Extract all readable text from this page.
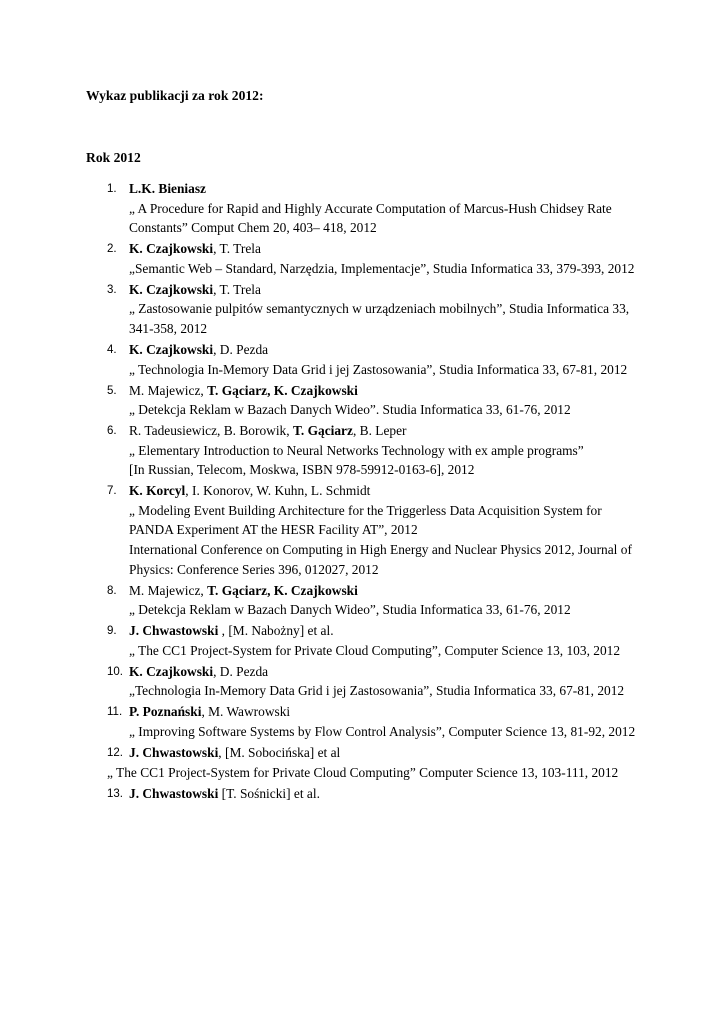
Wykaz publikacji za rok 2012:
Rok 2012
1. L.K. Bieniasz
„ A Procedure for Rapid and Highly Accurate Computation of Marcus-Hush Chidsey Rate Constants” Comput Chem 20, 403– 418, 2012
2. K. Czajkowski, T. Trela
„Semantic Web – Standard, Narzędzia, Implementacje”, Studia Informatica 33, 379-393, 2012
3. K. Czajkowski, T. Trela
„ Zastosowanie pulpitów semantycznych w urządzeniach mobilnych”, Studia Informatica 33, 341-358, 2012
4. K. Czajkowski, D. Pezda
„ Technologia In-Memory Data Grid i jej Zastosowania”, Studia Informatica 33, 67-81, 2012
5. M. Majewicz, T. Gąciarz, K. Czajkowski
„ Detekcja Reklam w Bazach Danych Wideo”. Studia Informatica 33, 61-76, 2012
6. R. Tadeusiewicz, B. Borowik, T. Gąciarz, B. Leper
„ Elementary Introduction to Neural Networks Technology with ex ample programs”
[In Russian, Telecom, Moskwa, ISBN 978-59912-0163-6], 2012
7. K. Korcyl, I. Konorov, W. Kuhn, L. Schmidt
„ Modeling Event Building Architecture for the Triggerless Data Acquisition System for PANDA Experiment AT the HESR Facility AT”, 2012
International Conference on Computing in High Energy and Nuclear Physics 2012, Journal of Physics: Conference Series 396, 012027, 2012
8. M. Majewicz, T. Gąciarz, K. Czajkowski
„ Detekcja Reklam w Bazach Danych Wideo”, Studia Informatica 33, 61-76, 2012
9. J. Chwastowski , [M. Nabożny] et al.
„ The CC1 Project-System for Private Cloud Computing”, Computer Science 13, 103, 2012
10. K. Czajkowski, D. Pezda
„Technologia In-Memory Data Grid i jej Zastosowania”, Studia Informatica 33, 67-81, 2012
11. P. Poznański, M. Wawrowski
„ Improving Software Systems by Flow Control Analysis”, Computer Science 13, 81-92, 2012
12. J. Chwastowski, [M. Sobocińska] et al
„ The CC1 Project-System for Private Cloud Computing” Computer Science 13, 103-111, 2012
13. J. Chwastowski [T. Sośnicki] et al.
